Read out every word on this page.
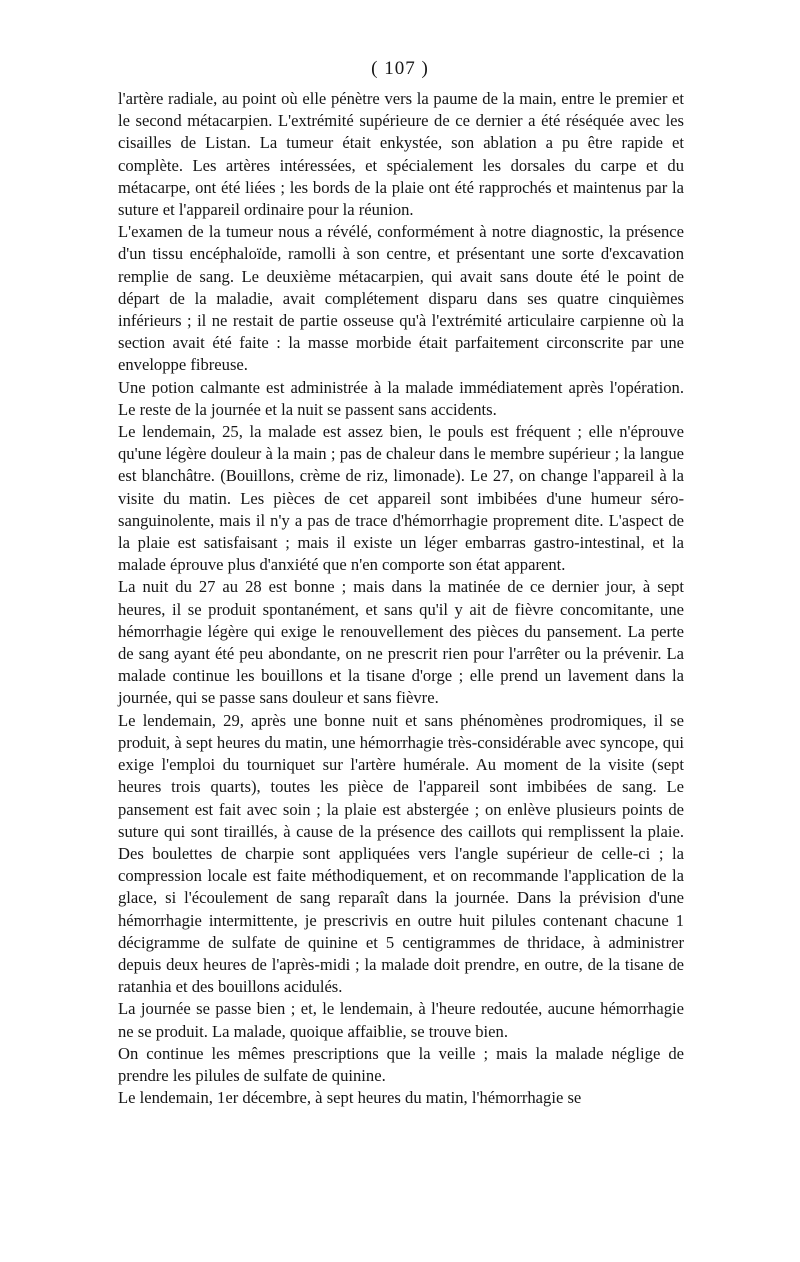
( 107 )

l'artère radiale, au point où elle pénètre vers la paume de la main, entre le premier et le second métacarpien. L'extrémité supérieure de ce dernier a été réséquée avec les cisailles de Listan. La tumeur était enkystée, son ablation a pu être rapide et complète. Les artères intéressées, et spécialement les dorsales du carpe et du métacarpe, ont été liées ; les bords de la plaie ont été rapprochés et maintenus par la suture et l'appareil ordinaire pour la réunion.

L'examen de la tumeur nous a révélé, conformément à notre diagnostic, la présence d'un tissu encéphaloïde, ramolli à son centre, et présentant une sorte d'excavation remplie de sang. Le deuxième métacarpien, qui avait sans doute été le point de départ de la maladie, avait complétement disparu dans ses quatre cinquièmes inférieurs ; il ne restait de partie osseuse qu'à l'extrémité articulaire carpienne où la section avait été faite : la masse morbide était parfaitement circonscrite par une enveloppe fibreuse.

Une potion calmante est administrée à la malade immédiatement après l'opération. Le reste de la journée et la nuit se passent sans accidents.

Le lendemain, 25, la malade est assez bien, le pouls est fréquent ; elle n'éprouve qu'une légère douleur à la main ; pas de chaleur dans le membre supérieur ; la langue est blanchâtre. (Bouillons, crème de riz, limonade). Le 27, on change l'appareil à la visite du matin. Les pièces de cet appareil sont imbibées d'une humeur séro-sanguinolente, mais il n'y a pas de trace d'hémorrhagie proprement dite. L'aspect de la plaie est satisfaisant ; mais il existe un léger embarras gastro-intestinal, et la malade éprouve plus d'anxiété que n'en comporte son état apparent.

La nuit du 27 au 28 est bonne ; mais dans la matinée de ce dernier jour, à sept heures, il se produit spontanément, et sans qu'il y ait de fièvre concomitante, une hémorrhagie légère qui exige le renouvellement des pièces du pansement. La perte de sang ayant été peu abondante, on ne prescrit rien pour l'arrêter ou la prévenir. La malade continue les bouillons et la tisane d'orge ; elle prend un lavement dans la journée, qui se passe sans douleur et sans fièvre.

Le lendemain, 29, après une bonne nuit et sans phénomènes prodromiques, il se produit, à sept heures du matin, une hémorrhagie très-considérable avec syncope, qui exige l'emploi du tourniquet sur l'artère humérale. Au moment de la visite (sept heures trois quarts), toutes les pièce de l'appareil sont imbibées de sang. Le pansement est fait avec soin ; la plaie est abstergée ; on enlève plusieurs points de suture qui sont tiraillés, à cause de la présence des caillots qui remplissent la plaie. Des boulettes de charpie sont appliquées vers l'angle supérieur de celle-ci ; la compression locale est faite méthodiquement, et on recommande l'application de la glace, si l'écoulement de sang reparaît dans la journée. Dans la prévision d'une hémorrhagie intermittente, je prescrivis en outre huit pilules contenant chacune 1 décigramme de sulfate de quinine et 5 centigrammes de thridace, à administrer depuis deux heures de l'après-midi ; la malade doit prendre, en outre, de la tisane de ratanhia et des bouillons acidulés.

La journée se passe bien ; et, le lendemain, à l'heure redoutée, aucune hémorrhagie ne se produit. La malade, quoique affaiblie, se trouve bien.

On continue les mêmes prescriptions que la veille ; mais la malade néglige de prendre les pilules de sulfate de quinine.

Le lendemain, 1er décembre, à sept heures du matin, l'hémorrhagie se
